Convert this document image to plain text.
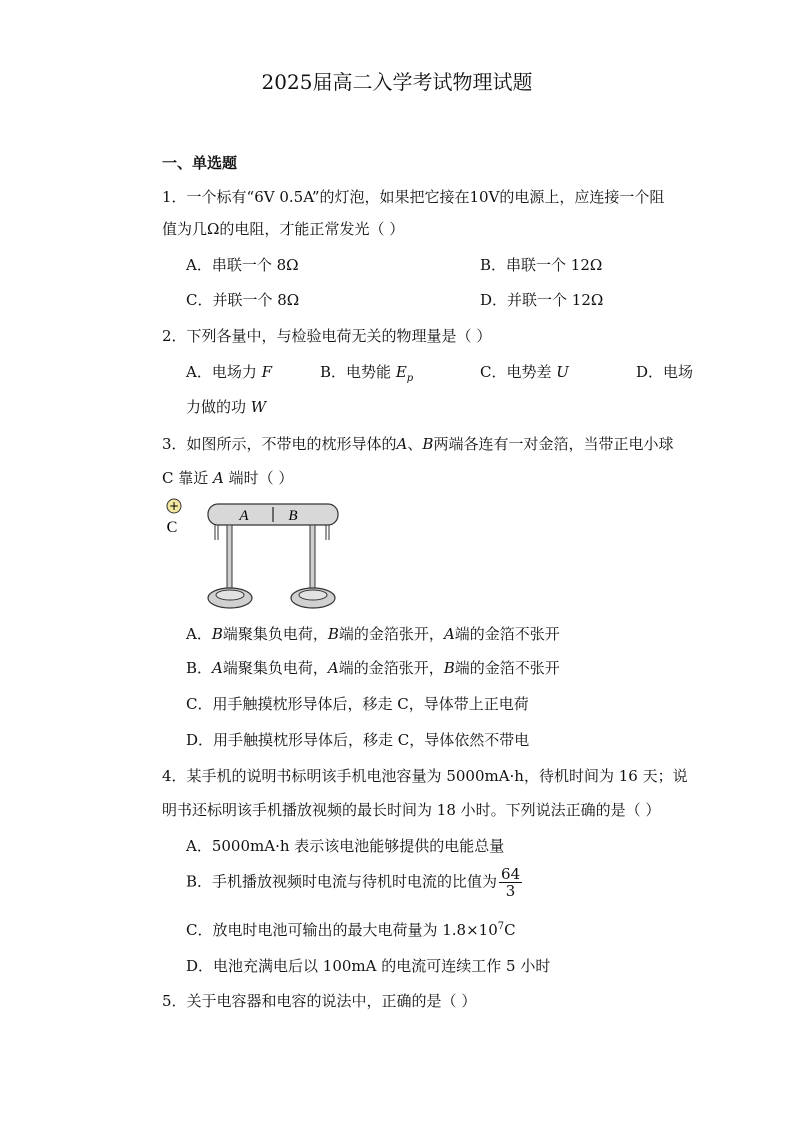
2025届高二入学考试物理试题
一、单选题
1．一个标有“6V 0.5A”的灯泡，如果把它接在10V的电源上，应连接一个阻
值为几Ω的电阻，才能正常发光（ ）
A．串联一个 8Ω	B．串联一个 12Ω
C．并联一个 8Ω	D．并联一个 12Ω
2．下列各量中，与检验电荷无关的物理量是（ ）
A．电场力 F	B．电势能 $E_p$	C．电势差 U	D．电场
力做的功 W
3．如图所示，不带电的枕形导体的A、B两端各连有一对金箔，当带正电小球
C 靠近 A 端时（ ）
+
C
A	B
A．B端聚集负电荷，B端的金箔张开，A端的金箔不张开
B．A端聚集负电荷，A端的金箔张开，B端的金箔不张开
C．用手触摸枕形导体后，移走 C，导体带上正电荷
D．用手触摸枕形导体后，移走 C，导体依然不带电
4．某手机的说明书标明该手机电池容量为 5000mA·h，待机时间为 16 天；说
明书还标明该手机播放视频的最长时间为 18 小时。下列说法正确的是（ ）
A．5000mA·h 表示该电池能够提供的电能总量
B．手机播放视频时电流与待机时电流的比值为 $\frac{64}{3}$
C．放电时电池可输出的最大电荷量为 $1.8\times 10^7C$
D．电池充满电后以 100mA 的电流可连续工作 5 小时
5．关于电容器和电容的说法中，正确的是（ ）
